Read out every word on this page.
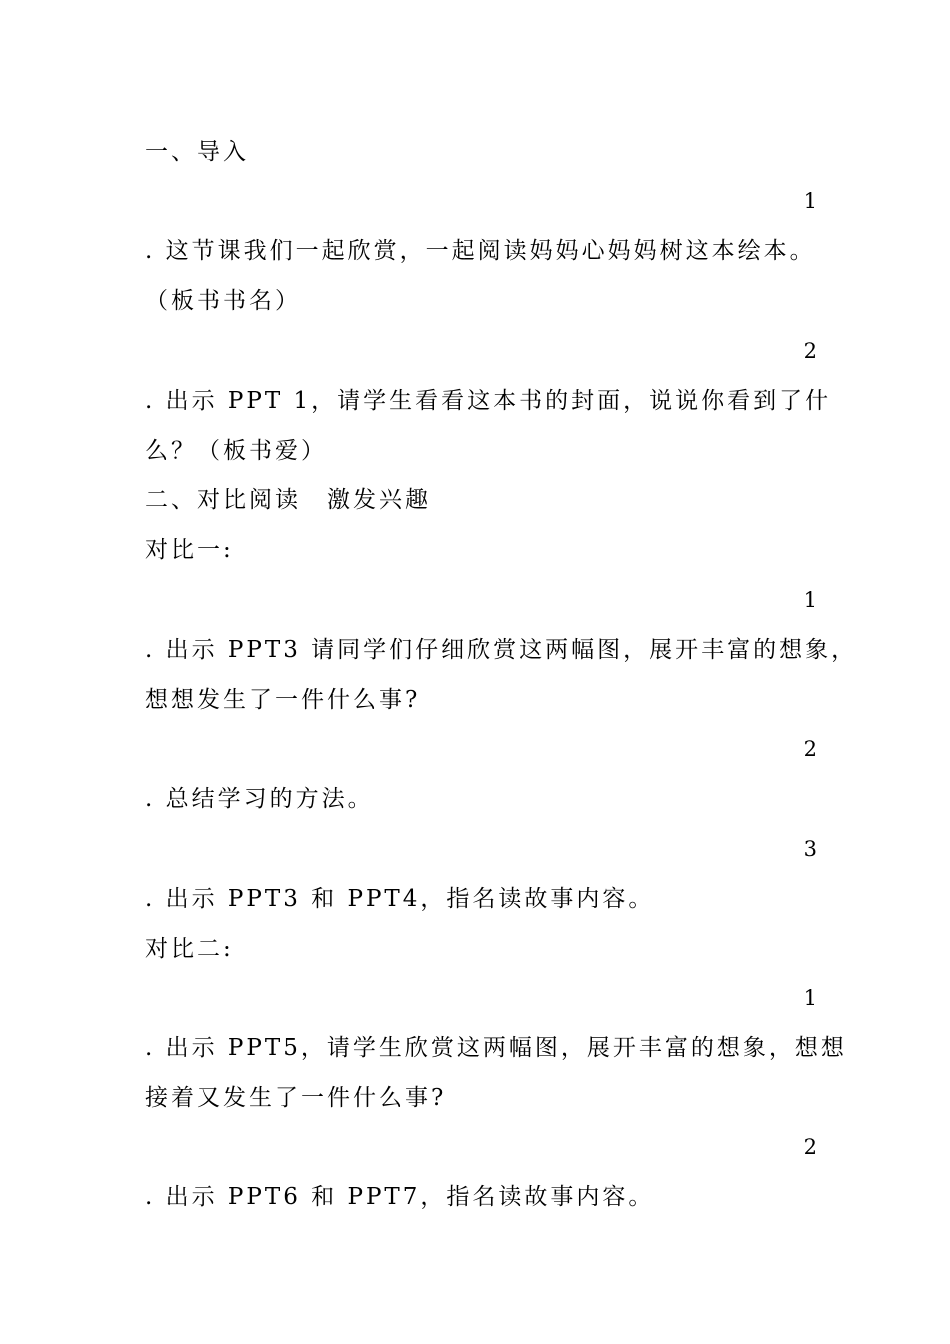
一、导入
1
. 这节课我们一起欣赏，一起阅读妈妈心妈妈树这本绘本。
（板书书名）
2
. 出示 PPT 1，请学生看看这本书的封面，说说你看到了什
么？（板书爱）
二、对比阅读　激发兴趣
对比一:
1
. 出示 PPT3 请同学们仔细欣赏这两幅图，展开丰富的想象，
想想发生了一件什么事?
2
. 总结学习的方法。
3
. 出示 PPT3 和 PPT4，指名读故事内容。
对比二:
1
. 出示 PPT5，请学生欣赏这两幅图，展开丰富的想象，想想
接着又发生了一件什么事?
2
. 出示 PPT6 和 PPT7，指名读故事内容。
